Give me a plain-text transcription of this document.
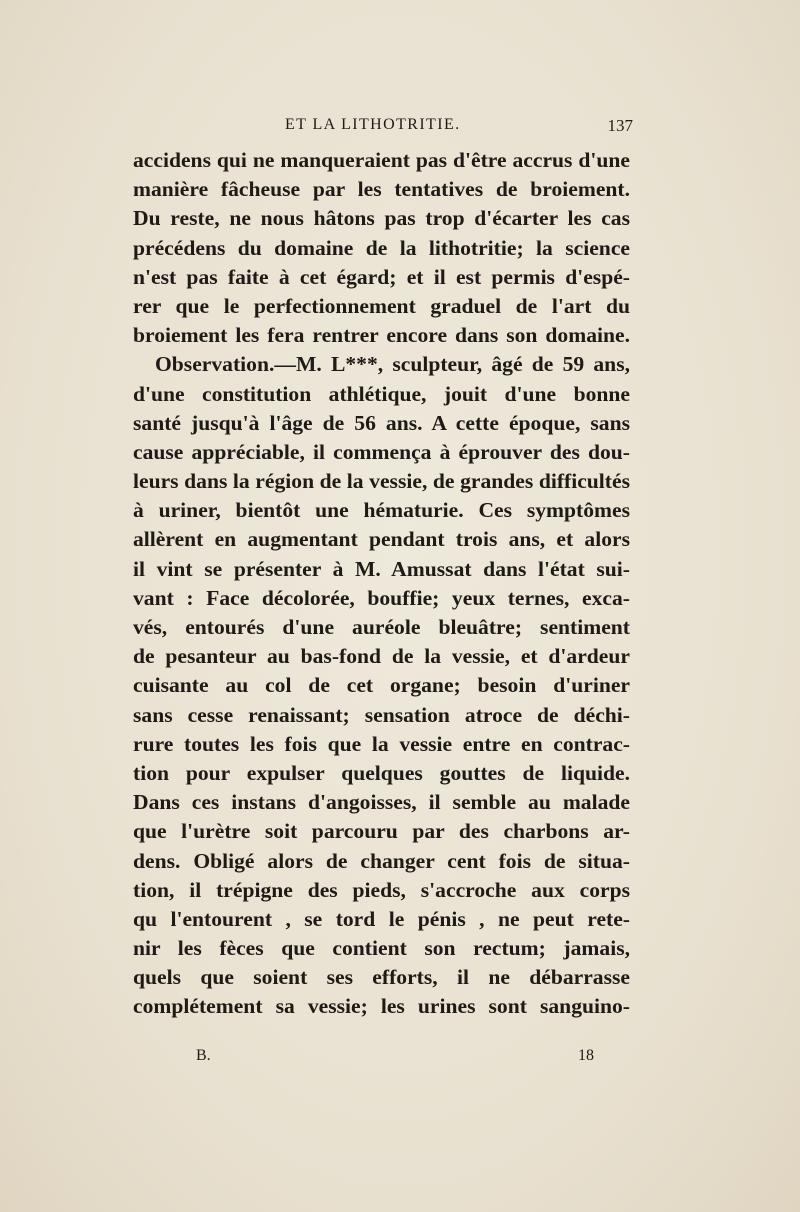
ET LA LITHOTRITIE.	137
accidens qui ne manqueraient pas d'être accrus d'une
manière fâcheuse par les tentatives de broiement.
Du reste, ne nous hâtons pas trop d'écarter les cas
précédens du domaine de la lithotritie; la science
n'est pas faite à cet égard; et il est permis d'espé-
rer que le perfectionnement graduel de l'art du
broiement les fera rentrer encore dans son domaine.
Observation.—M. L***, sculpteur, âgé de 59 ans,
d'une constitution athlétique, jouit d'une bonne
santé jusqu'à l'âge de 56 ans. A cette époque, sans
cause appréciable, il commença à éprouver des dou-
leurs dans la région de la vessie, de grandes difficultés
à uriner, bientôt une hématurie. Ces symptômes
allèrent en augmentant pendant trois ans, et alors
il vint se présenter à M. Amussat dans l'état sui-
vant : Face décolorée, bouffie; yeux ternes, exca-
vés, entourés d'une auréole bleuâtre; sentiment
de pesanteur au bas-fond de la vessie, et d'ardeur
cuisante au col de cet organe; besoin d'uriner
sans cesse renaissant; sensation atroce de déchi-
rure toutes les fois que la vessie entre en contrac-
tion pour expulser quelques gouttes de liquide.
Dans ces instans d'angoisses, il semble au malade
que l'urètre soit parcouru par des charbons ar-
dens. Obligé alors de changer cent fois de situa-
tion, il trépigne des pieds, s'accroche aux corps
qu l'entourent , se tord le pénis , ne peut rete-
nir les fèces que contient son rectum; jamais,
quels que soient ses efforts, il ne débarrasse
complétement sa vessie; les urines sont sanguino-
B.	18
